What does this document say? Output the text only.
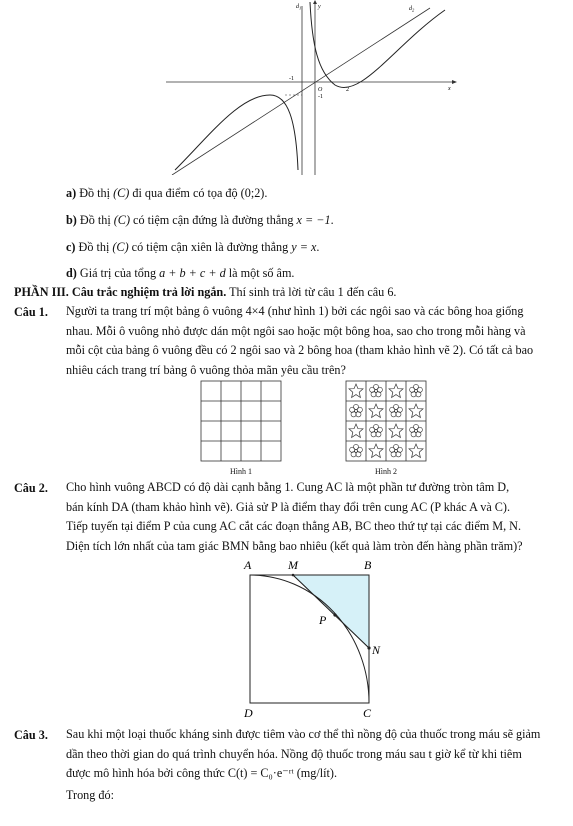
$d_1$	y	$d_2$
x
O	2
-1
-1
a) Đồ thị (C) đi qua điểm có tọa độ (0;2).
b) Đồ thị (C) có tiệm cận đứng là đường thẳng x = −1.
c) Đồ thị (C) có tiệm cận xiên là đường thẳng y = x.
d) Giá trị của tổng a + b + c + d là một số âm.
PHẦN III. Câu trắc nghiệm trả lời ngắn. Thí sinh trả lời từ câu 1 đến câu 6.
Câu 1. Người ta trang trí một bảng ô vuông 4×4 (như hình 1) bởi các ngôi sao và các bông hoa giống
nhau. Mỗi ô vuông nhỏ được dán một ngôi sao hoặc một bông hoa, sao cho trong mỗi hàng và
mỗi cột của bảng ô vuông đều có 2 ngôi sao và 2 bông hoa (tham khảo hình vẽ 2). Có tất cả bao
nhiêu cách trang trí bảng ô vuông thỏa mãn yêu cầu trên?
Hình 1	Hình 2
Câu 2. Cho hình vuông ABCD có độ dài cạnh bằng 1. Cung AC là một phần tư đường tròn tâm D,
bán kính DA (tham khảo hình vẽ). Giả sử P là điểm thay đổi trên cung AC (P khác A và C).
Tiếp tuyến tại điểm P của cung AC cắt các đoạn thẳng AB, BC theo thứ tự tại các điểm M, N.
Diện tích lớn nhất của tam giác BMN bằng bao nhiêu (kết quả làm tròn đến hàng phần trăm)?
A	M	B
P
N
D	C
Câu 3. Sau khi một loại thuốc kháng sinh được tiêm vào cơ thể thì nồng độ của thuốc trong máu sẽ giảm
dần theo thời gian do quá trình chuyển hóa. Nồng độ thuốc trong máu sau t giờ kể từ khi tiêm
được mô hình hóa bởi công thức C(t) = C₀·e⁻ʳᵗ (mg/lít).
Trong đó:
